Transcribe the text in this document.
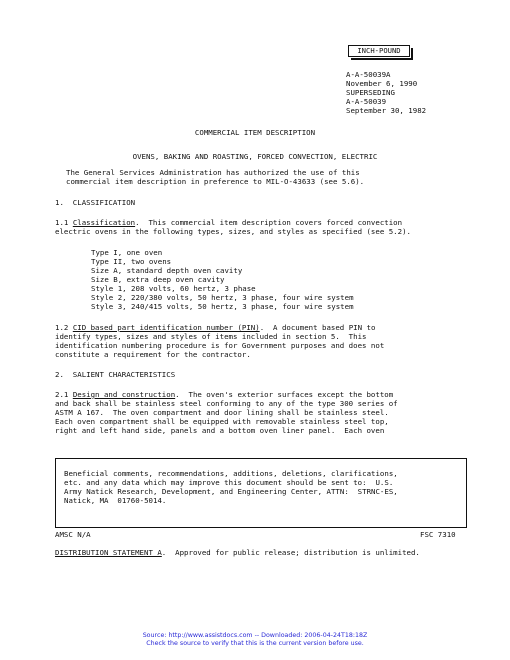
INCH-POUND
A-A-50039A
November 6, 1990
SUPERSEDING
A-A-50039
September 30, 1982
COMMERCIAL ITEM DESCRIPTION
OVENS, BAKING AND ROASTING, FORCED CONVECTION, ELECTRIC
The General Services Administration has authorized the use of this
commercial item description in preference to MIL-O-43633 (see 5.6).
1.  CLASSIFICATION
1.1 Classification.  This commercial item description covers forced convection
electric ovens in the following types, sizes, and styles as specified (see 5.2).
Type I, one oven
Type II, two ovens
Size A, standard depth oven cavity
Size B, extra deep oven cavity
Style 1, 208 volts, 60 hertz, 3 phase
Style 2, 220/380 volts, 50 hertz, 3 phase, four wire system
Style 3, 240/415 volts, 50 hertz, 3 phase, four wire system
1.2 CID based part identification number (PIN).  A document based PIN to
identify types, sizes and styles of items included in section 5.  This
identification numbering procedure is for Government purposes and does not
constitute a requirement for the contractor.
2.  SALIENT CHARACTERISTICS
2.1 Design and construction.  The oven's exterior surfaces except the bottom
and back shall be stainless steel conforming to any of the type 300 series of
ASTM A 167.  The oven compartment and door lining shall be stainless steel.
Each oven compartment shall be equipped with removable stainless steel top,
right and left hand side, panels and a bottom oven liner panel.  Each oven
Beneficial comments, recommendations, additions, deletions, clarifications,
etc. and any data which may improve this document should be sent to:  U.S.
Army Natick Research, Development, and Engineering Center, ATTN:  STRNC-ES,
Natick, MA  01760-5014.
AMSC N/A	FSC 7310
DISTRIBUTION STATEMENT A.  Approved for public release; distribution is unlimited.
Source: http://www.assistdocs.com -- Downloaded: 2006-04-24T18:18Z
Check the source to verify that this is the current version before use.
